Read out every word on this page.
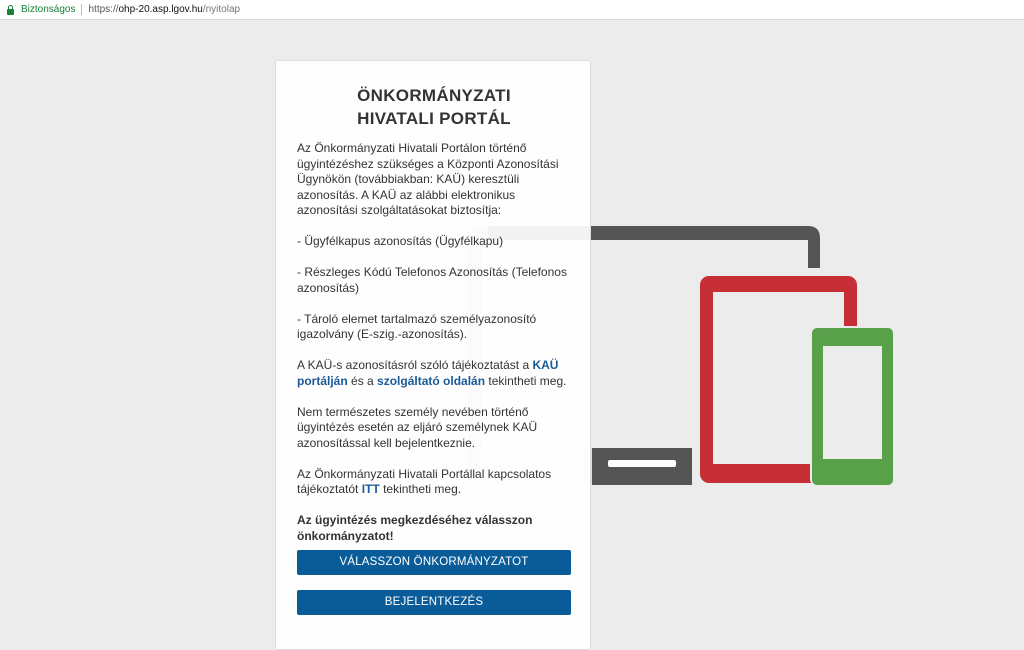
Biztonságos https:// ohp-20.asp.lgov.hu /nyitolap
ÖNKORMÁNYZATI
HIVATALI PORTÁL

Az Önkormányzati Hivatali Portálon történő ügyintézéshez szükséges a Központi Azonosítási Ügynökön (továbbiakban: KAÜ) keresztüli azonosítás. A KAÜ az alábbi elektronikus azonosítási szolgáltatásokat biztosítja:

- Ügyfélkapus azonosítás (Ügyfélkapu)

- Részleges Kódú Telefonos Azonosítás (Telefonos azonosítás)

- Tároló elemet tartalmazó személyazonosító igazolvány (E-szig.-azonosítás).

A KAÜ-s azonosításról szóló tájékoztatást a KAÜ portálján és a szolgáltató oldalán tekintheti meg.

Nem természetes személy nevében történő ügyintézés esetén az eljáró személynek KAÜ azonosítással kell bejelentkeznie.

Az Önkormányzati Hivatali Portállal kapcsolatos tájékoztatót ITT tekintheti meg.

Az ügyintézés megkezdéséhez válasszon önkormányzatot!

VÁLASSZON ÖNKORMÁNYZATOT
BEJELENTKEZÉS
